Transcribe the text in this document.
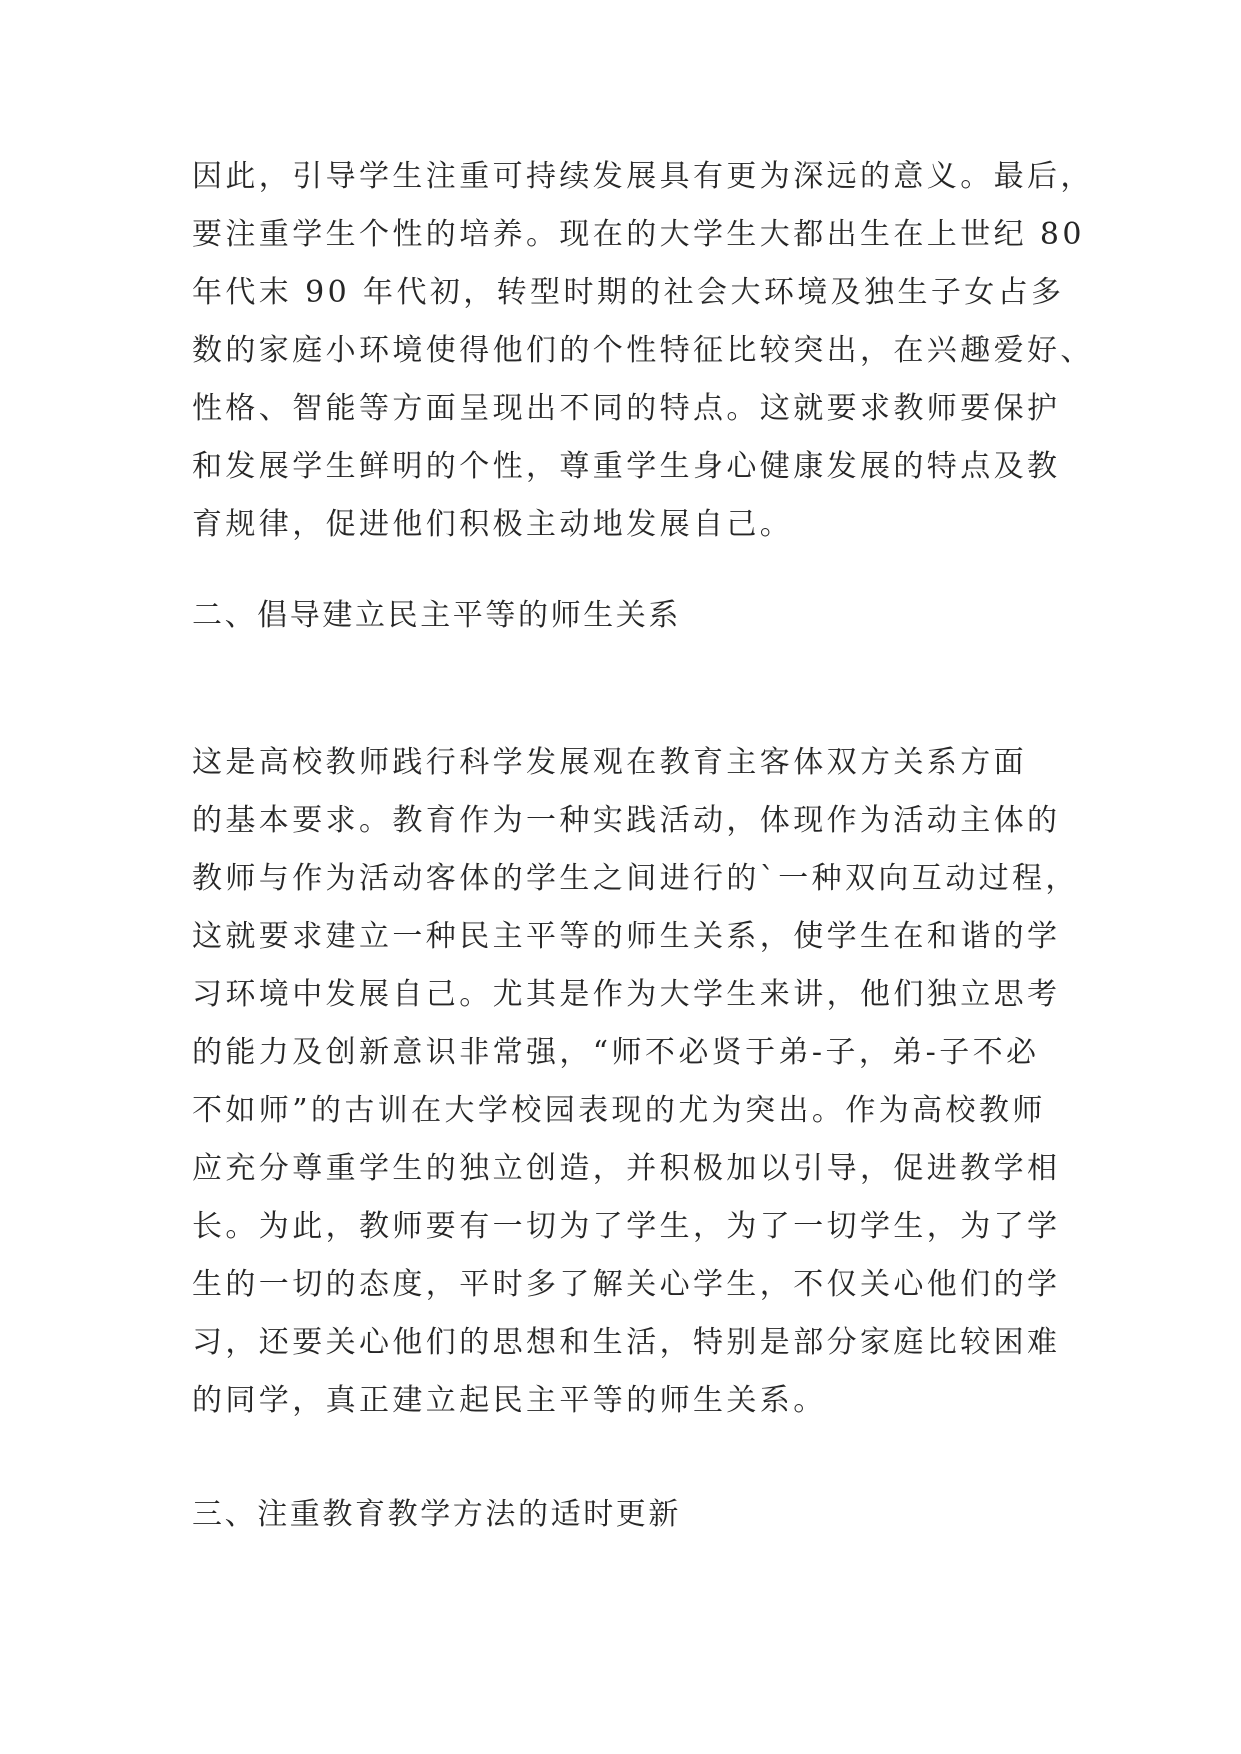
因此，引导学生注重可持续发展具有更为深远的意义。最后，
要注重学生个性的培养。现在的大学生大都出生在上世纪 80
年代末 90 年代初，转型时期的社会大环境及独生子女占多
数的家庭小环境使得他们的个性特征比较突出，在兴趣爱好、
性格、智能等方面呈现出不同的特点。这就要求教师要保护
和发展学生鲜明的个性，尊重学生身心健康发展的特点及教
育规律，促进他们积极主动地发展自己。
二、倡导建立民主平等的师生关系
这是高校教师践行科学发展观在教育主客体双方关系方面
的基本要求。教育作为一种实践活动，体现作为活动主体的
教师与作为活动客体的学生之间进行的`一种双向互动过程，
这就要求建立一种民主平等的师生关系，使学生在和谐的学
习环境中发展自己。尤其是作为大学生来讲，他们独立思考
的能力及创新意识非常强，“师不必贤于弟-子，弟-子不必
不如师”的古训在大学校园表现的尤为突出。作为高校教师
应充分尊重学生的独立创造，并积极加以引导，促进教学相
长。为此，教师要有一切为了学生，为了一切学生，为了学
生的一切的态度，平时多了解关心学生，不仅关心他们的学
习，还要关心他们的思想和生活，特别是部分家庭比较困难
的同学，真正建立起民主平等的师生关系。
三、注重教育教学方法的适时更新
